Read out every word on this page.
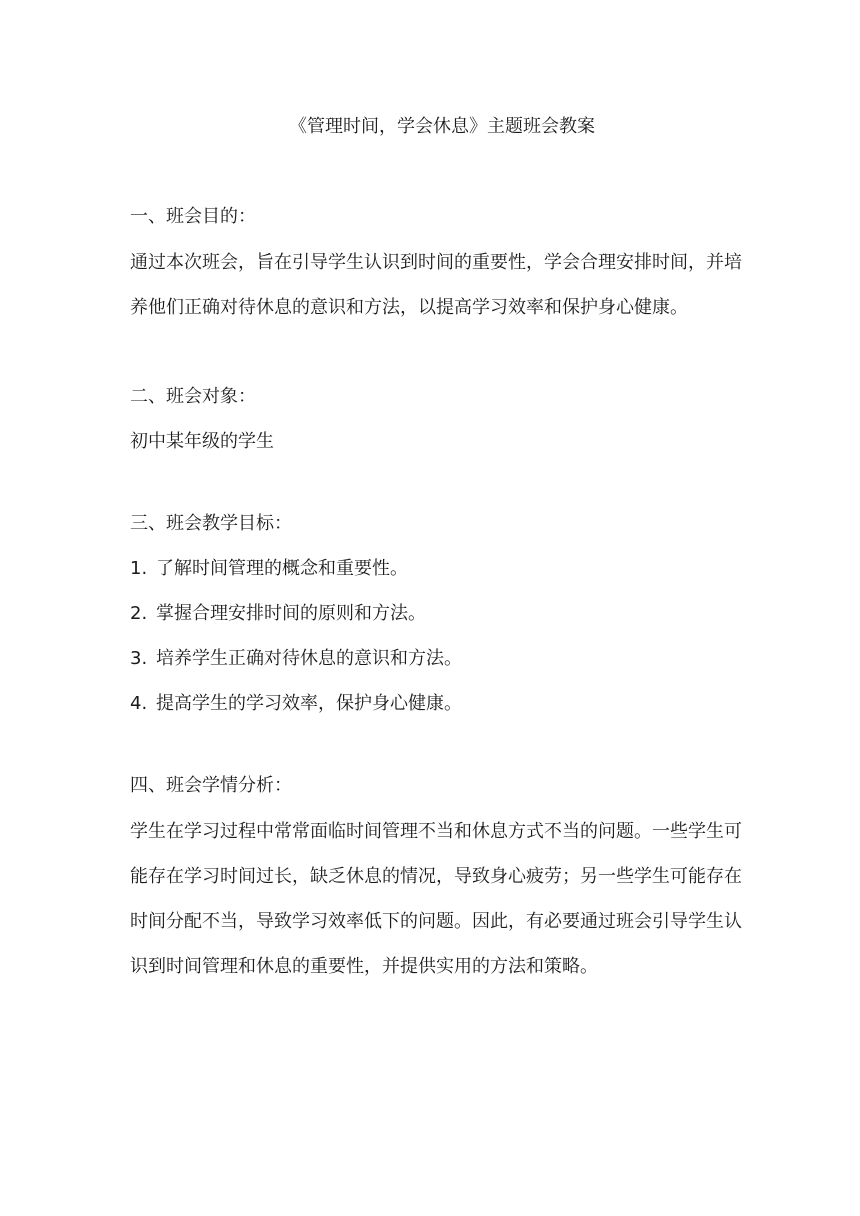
《管理时间，学会休息》主题班会教案
一、班会目的：

通过本次班会，旨在引导学生认识到时间的重要性，学会合理安排时间，并培养他们正确对待休息的意识和方法，以提高学习效率和保护身心健康。

二、班会对象：
初中某年级的学生
三、班会教学目标：
1. 了解时间管理的概念和重要性。
2. 掌握合理安排时间的原则和方法。
3. 培养学生正确对待休息的意识和方法。
4. 提高学生的学习效率，保护身心健康。
四、班会学情分析：

学生在学习过程中常常面临时间管理不当和休息方式不当的问题。一些学生可能存在学习时间过长，缺乏休息的情况，导致身心疲劳；另一些学生可能存在时间分配不当，导致学习效率低下的问题。因此，有必要通过班会引导学生认识到时间管理和休息的重要性，并提供实用的方法和策略。
